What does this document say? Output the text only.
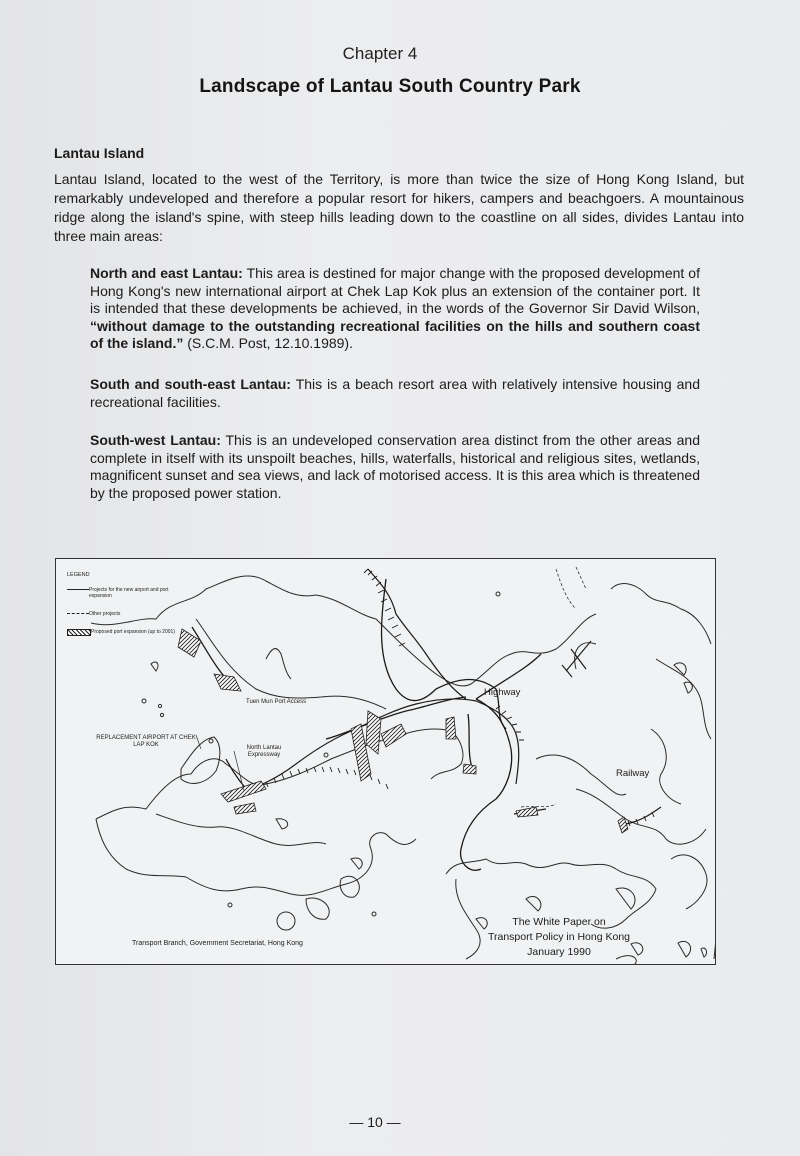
Chapter 4
Landscape of Lantau South Country Park
Lantau Island
Lantau Island, located to the west of the Territory, is more than twice the size of Hong Kong Island, but remarkably undeveloped and therefore a popular resort for hikers, campers and beachgoers. A mountainous ridge along the island's spine, with steep hills leading down to the coastline on all sides, divides Lantau into three main areas:
North and east Lantau: This area is destined for major change with the proposed development of Hong Kong's new international airport at Chek Lap Kok plus an extension of the container port. It is intended that these developments be achieved, in the words of the Governor Sir David Wilson, “without damage to the outstanding recreational facilities on the hills and southern coast of the island.” (S.C.M. Post, 12.10.1989).
South and south-east Lantau: This is a beach resort area with relatively intensive housing and recreational facilities.
South-west Lantau: This is an undeveloped conservation area distinct from the other areas and complete in itself with its unspoilt beaches, hills, waterfalls, historical and religious sites, wetlands, magnificent sunset and sea views, and lack of motorised access. It is this area which is threatened by the proposed power station.
LEGEND
Projects for the new airport and port expansion
Other projects
Proposed port expansion (up to 2001)
Tuen Mun Port Access
REPLACEMENT AIRPORT AT CHEK LAP KOK	North Lantau Expressway
Highway
Railway
Transport Branch, Government Secretariat, Hong Kong
The White Paper on
Transport Policy in Hong Kong
January 1990
— 10 —
